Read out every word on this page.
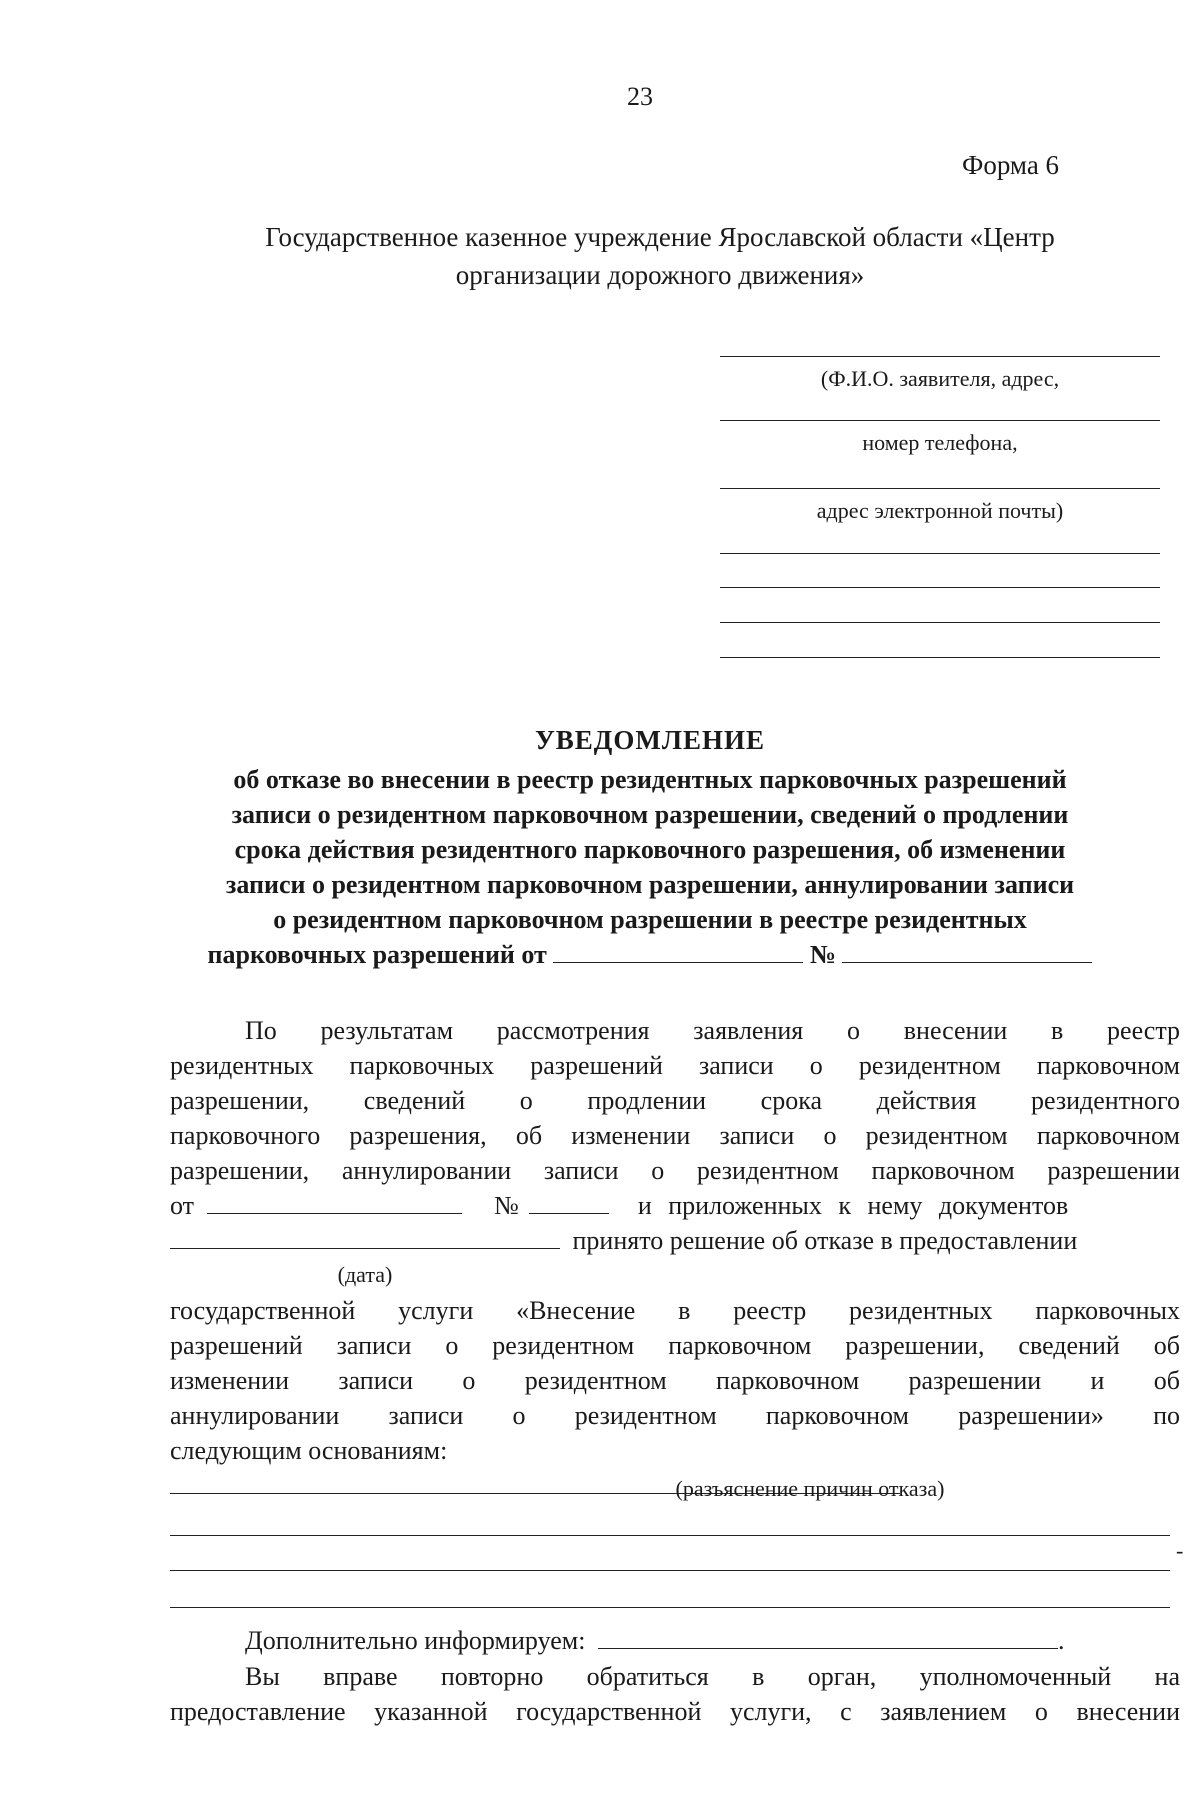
23
Форма 6
Государственное казенное учреждение Ярославской области «Центр
организации дорожного движения»
(Ф.И.О. заявителя, адрес,
номер телефона,
адрес электронной почты)
УВЕДОМЛЕНИЕ
об отказе во внесении в реестр резидентных парковочных разрешений
записи о резидентном парковочном разрешении, сведений о продлении
срока действия резидентного парковочного разрешения, об изменении
записи о резидентном парковочном разрешении, аннулировании записи
о резидентном парковочном разрешении в реестре резидентных
парковочных разрешений от	№
По результатам рассмотрения заявления о внесении в реестр
резидентных парковочных разрешений записи о резидентном парковочном
разрешении, сведений о продлении срока действия резидентного
парковочного разрешения, об изменении записи о резидентном парковочном
разрешении, аннулировании записи о резидентном парковочном разрешении
от	№	и приложенных к нему документов
принято решение об отказе в предоставлении
(дата)
государственной услуги «Внесение в реестр резидентных парковочных
разрешений записи о резидентном парковочном разрешении, сведений об
изменении записи о резидентном парковочном разрешении и об
аннулировании записи о резидентном парковочном разрешении» по
следующим основаниям:
(разъяснение причин отказа)
-
Дополнительно информируем:	.
Вы вправе повторно обратиться в орган, уполномоченный на
предоставление указанной государственной услуги, с заявлением о внесении
